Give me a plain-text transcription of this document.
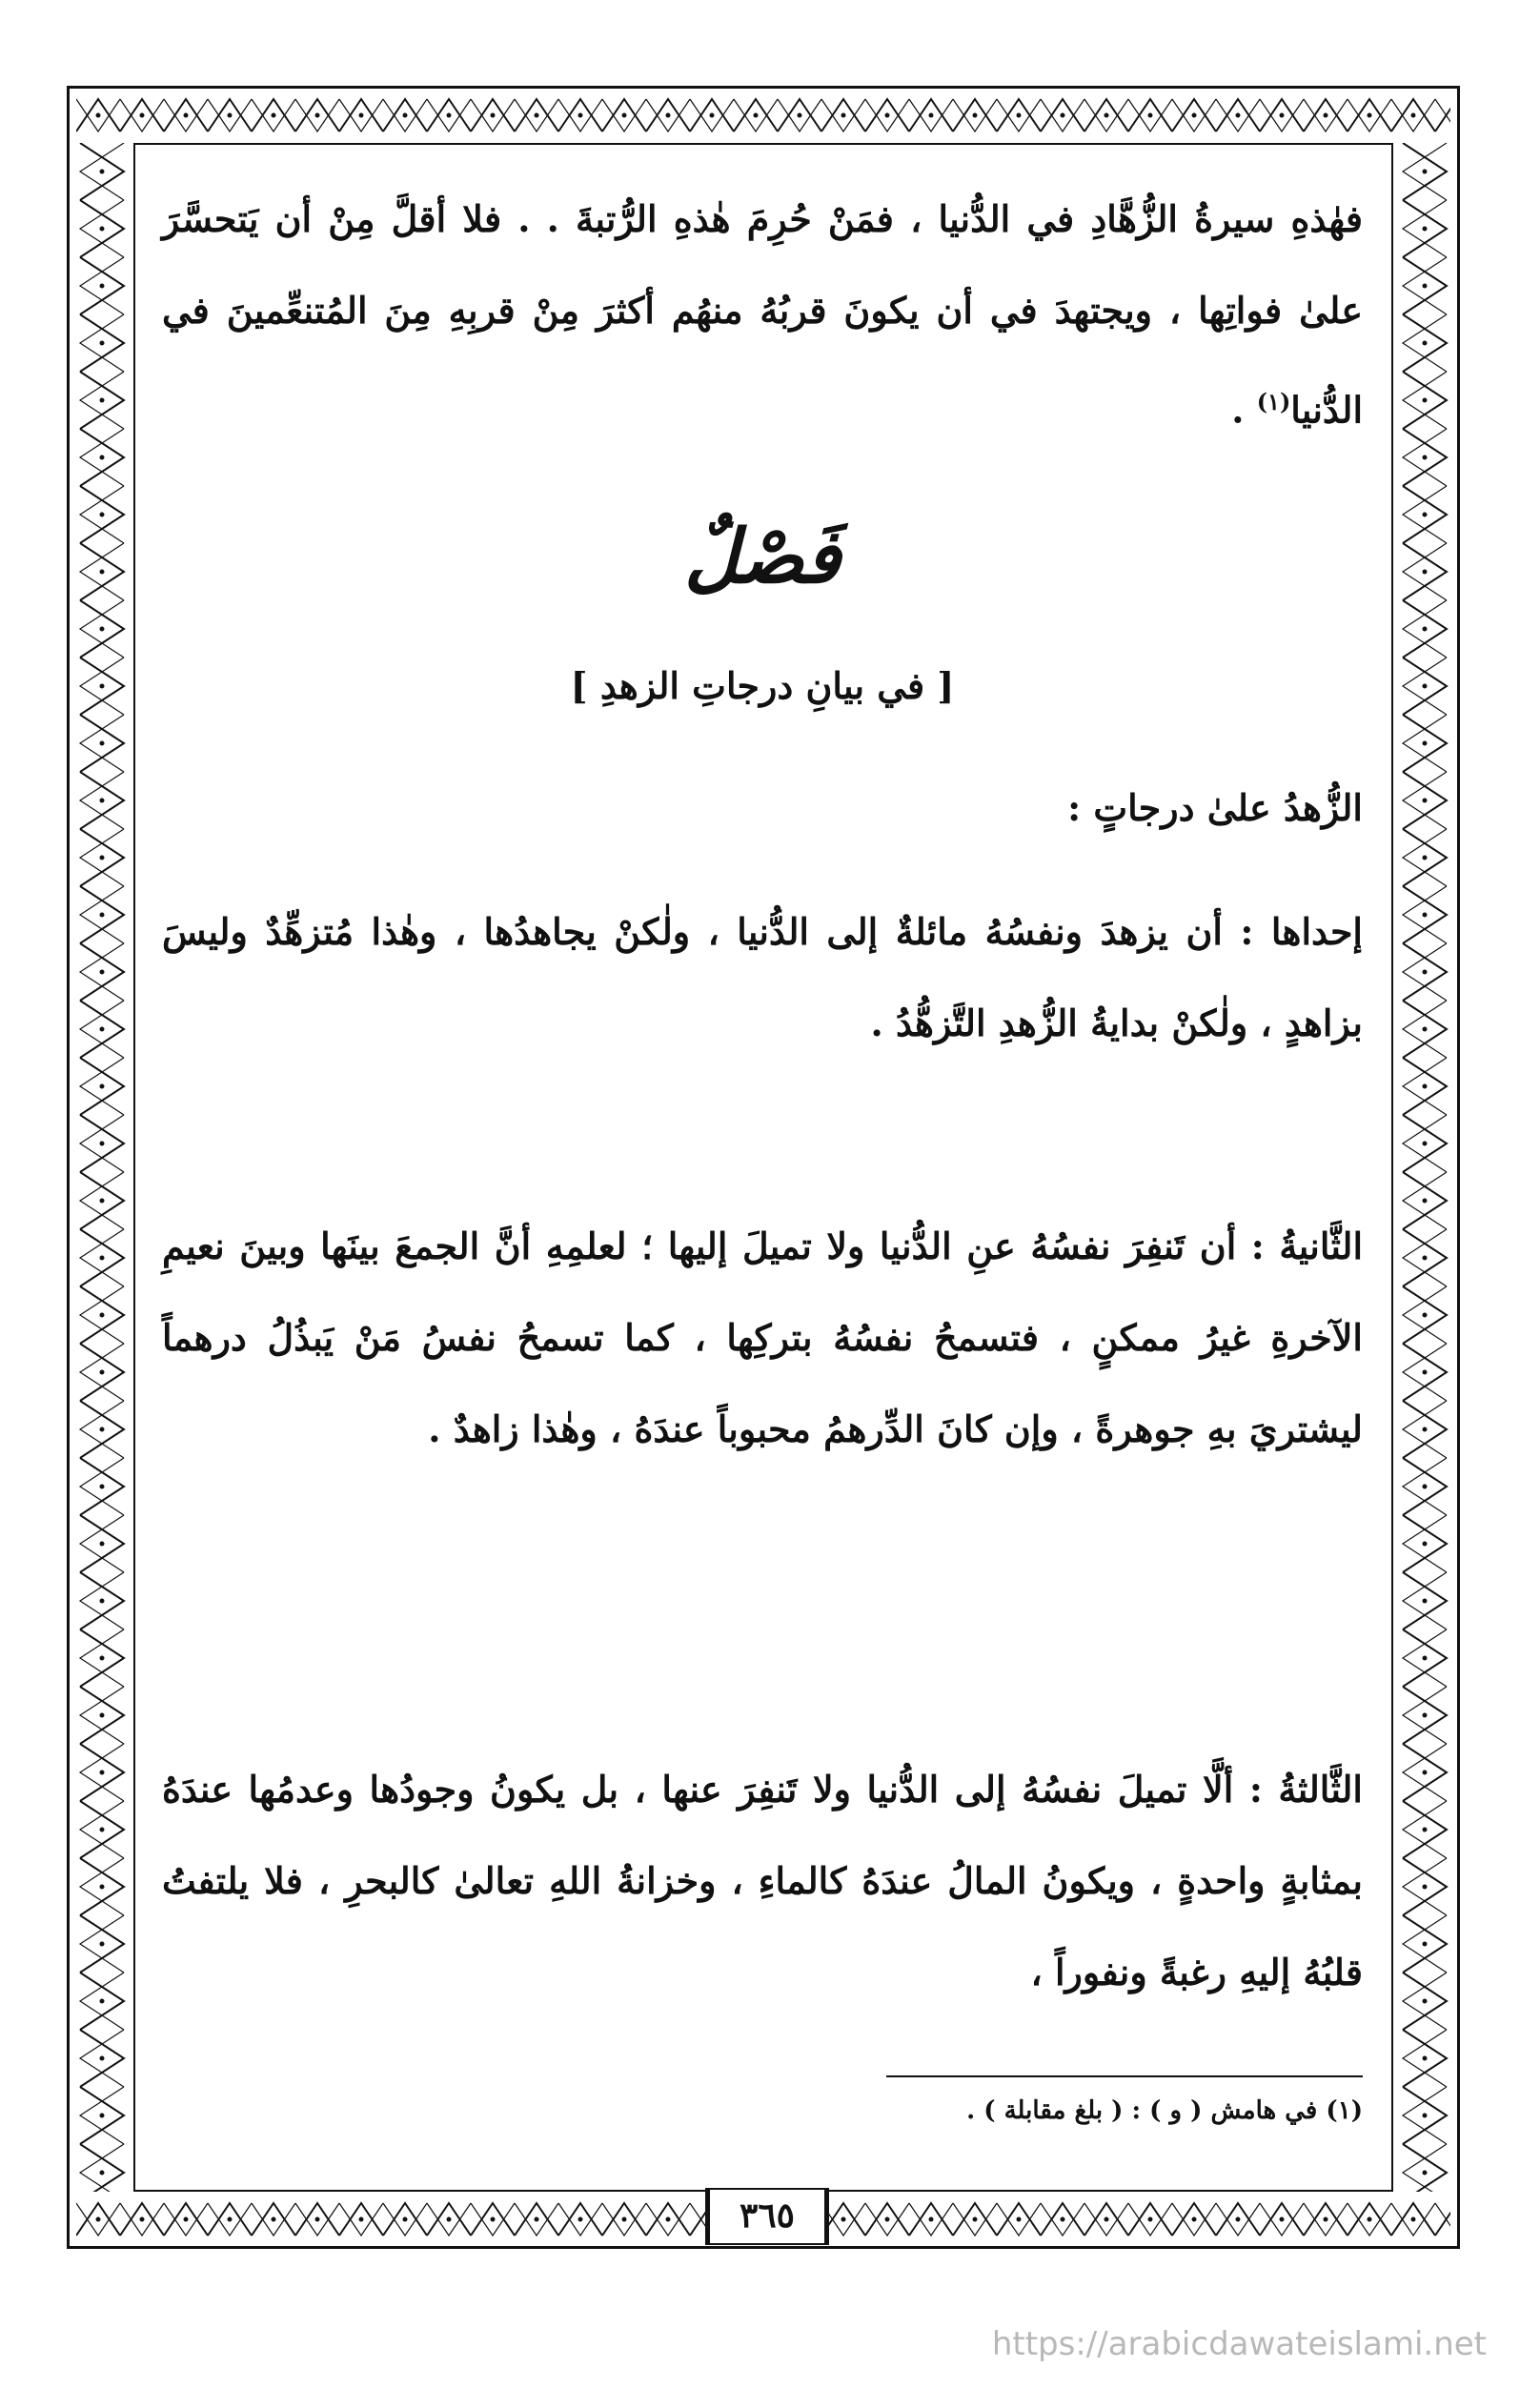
فهٰذهِ سيرةُ الزُّهَّادِ في الدُّنيا ، فمَنْ حُرِمَ هٰذهِ الرُّتبةَ . . فلا أقلَّ مِنْ أن يَتحسَّرَ علىٰ فواتِها ، ويجتهدَ في أن يكونَ قربُهُ منهُم أكثرَ مِنْ قربِهِ مِنَ المُتنعِّمينَ في الدُّنيا$^{(١)}$ .

فَصْلٌ
[ في بيانِ درجاتِ الزهدِ ]

الزُّهدُ علىٰ درجاتٍ :

إحداها : أن يزهدَ ونفسُهُ مائلةٌ إلى الدُّنيا ، ولٰكنْ يجاهدُها ، وهٰذا مُتزهِّدٌ وليسَ بزاهدٍ ، ولٰكنْ بدايةُ الزُّهدِ التَّزهُّدُ .

الثَّانيةُ : أن تَنفِرَ نفسُهُ عنِ الدُّنيا ولا تميلَ إليها ؛ لعلمِهِ أنَّ الجمعَ بينَها وبينَ نعيمِ الآخرةِ غيرُ ممكنٍ ، فتسمحُ نفسُهُ بتركِها ، كما تسمحُ نفسُ مَنْ يَبذُلُ درهماً ليشتريَ بهِ جوهرةً ، وإن كانَ الدِّرهمُ محبوباً عندَهُ ، وهٰذا زاهدٌ .

الثَّالثةُ : ألَّا تميلَ نفسُهُ إلى الدُّنيا ولا تَنفِرَ عنها ، بل يكونُ وجودُها وعدمُها عندَهُ بمثابةٍ واحدةٍ ، ويكونُ المالُ عندَهُ كالماءِ ، وخزانةُ اللهِ تعالىٰ كالبحرِ ، فلا يلتفتُ قلبُهُ إليهِ رغبةً ونفوراً ،

(١) في هامش ( و ) : ( بلغ مقابلة ) .
٣٦٥
https://arabicdawateislami.net
